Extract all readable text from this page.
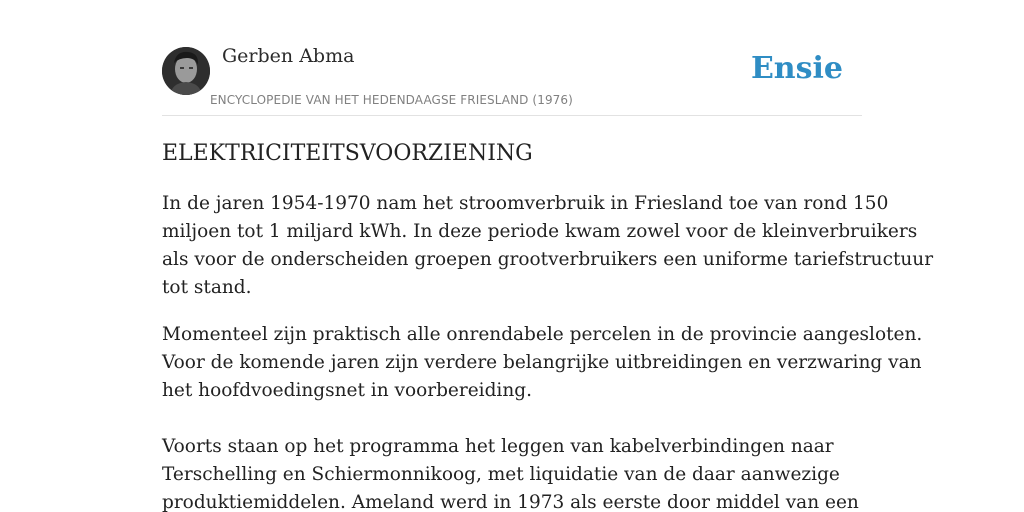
Gerben Abma
ENCYCLOPEDIE VAN HET HEDENDAAGSE FRIESLAND (1976)
Ensie
ELEKTRICITEITSVOORZIENING
In de jaren 1954-1970 nam het stroomverbruik in Friesland toe van rond 150
miljoen tot 1 miljard kWh. In deze periode kwam zowel voor de kleinverbruikers
als voor de onderscheiden groepen grootverbruikers een uniforme tariefstructuur
tot stand.
Momenteel zijn praktisch alle onrendabele percelen in de provincie aangesloten.
Voor de komende jaren zijn verdere belangrijke uitbreidingen en verzwaring van
het hoofdvoedingsnet in voorbereiding.
Voorts staan op het programma het leggen van kabelverbindingen naar
Terschelling en Schiermonnikoog, met liquidatie van de daar aanwezige
produktiemiddelen. Ameland werd in 1973 als eerste door middel van een
